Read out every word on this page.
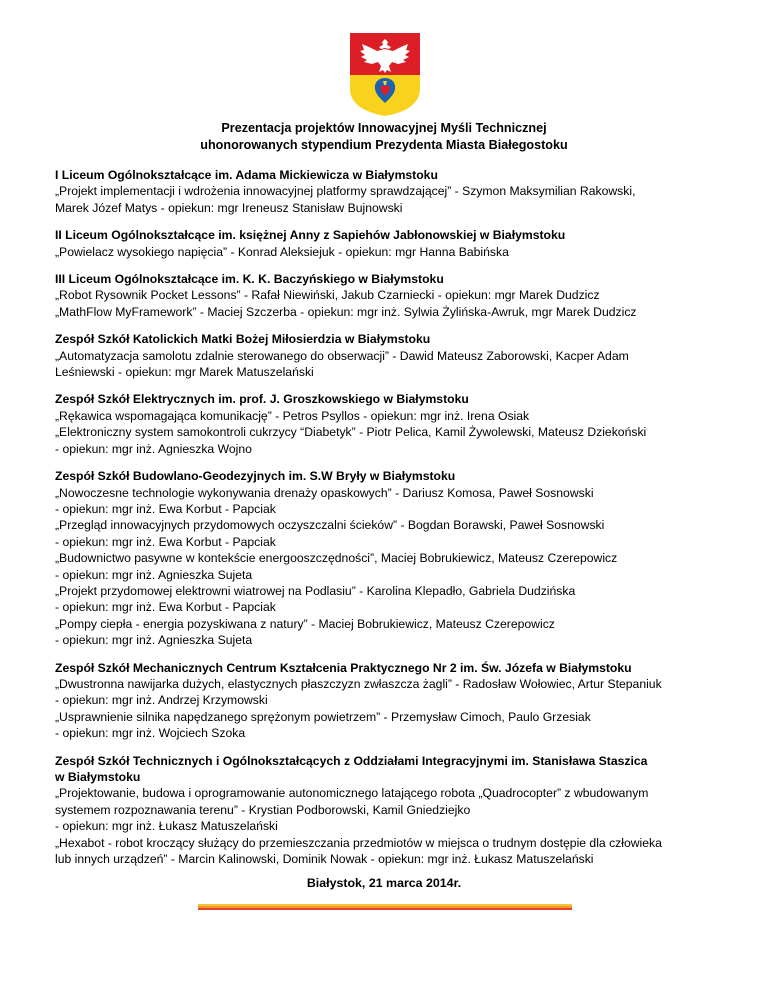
Prezentacja projektów Innowacyjnej Myśli Technicznej
uhonorowanych stypendium Prezydenta Miasta Białegostoku
I Liceum Ogólnokształcące im. Adama Mickiewicza w Białymstoku
„Projekt implementacji i wdrożenia innowacyjnej platformy sprawdzającej” - Szymon Maksymilian Rakowski,
Marek Józef Matys - opiekun: mgr Ireneusz Stanisław Bujnowski
II Liceum Ogólnokształcące im. księżnej Anny z Sapiehów Jabłonowskiej w Białymstoku
„Powielacz wysokiego napięcia” - Konrad Aleksiejuk - opiekun: mgr Hanna Babińska
III Liceum Ogólnokształcące im. K. K. Baczyńskiego w Białymstoku
„Robot Rysownik Pocket Lessons” - Rafał Niewiński, Jakub Czarniecki - opiekun: mgr Marek Dudzicz
„MathFlow MyFramework” - Maciej Szczerba - opiekun: mgr inż. Sylwia Żylińska-Awruk, mgr Marek Dudzicz
Zespół Szkół Katolickich Matki Bożej Miłosierdzia w Białymstoku
„Automatyzacja samolotu zdalnie sterowanego do obserwacji” - Dawid Mateusz Zaborowski, Kacper Adam
Leśniewski - opiekun: mgr Marek Matuszelański
Zespół Szkół Elektrycznych im. prof. J. Groszkowskiego w Białymstoku
„Rękawica wspomagająca komunikację” - Petros Psyllos - opiekun: mgr inż. Irena Osiak
„Elektroniczny system samokontroli cukrzycy “Diabetyk” - Piotr Pelica, Kamil Żywolewski, Mateusz Dziekoński
- opiekun: mgr inż. Agnieszka Wojno
Zespół Szkół Budowlano-Geodezyjnych im. S.W Bryły w Białymstoku
„Nowoczesne technologie wykonywania drenaży opaskowych” - Dariusz Komosa, Paweł Sosnowski
- opiekun: mgr inż. Ewa Korbut - Papciak
„Przegląd innowacyjnych przydomowych oczyszczalni ścieków” - Bogdan Borawski, Paweł Sosnowski
- opiekun: mgr inż. Ewa Korbut - Papciak
„Budownictwo pasywne w kontekście energooszczędności”, Maciej Bobrukiewicz, Mateusz Czerepowicz
- opiekun: mgr inż. Agnieszka Sujeta
„Projekt przydomowej elektrowni wiatrowej na Podlasiu” - Karolina Klepadło, Gabriela Dudzińska
- opiekun: mgr inż. Ewa Korbut - Papciak
„Pompy ciepła - energia pozyskiwana z natury” - Maciej Bobrukiewicz, Mateusz Czerepowicz
- opiekun: mgr inż. Agnieszka Sujeta
Zespół Szkół Mechanicznych Centrum Kształcenia Praktycznego Nr 2 im. Św. Józefa w Białymstoku
„Dwustronna nawijarka dużych, elastycznych płaszczyzn zwłaszcza żagli” - Radosław Wołowiec, Artur Stepaniuk
- opiekun: mgr inż. Andrzej Krzymowski
„Usprawnienie silnika napędzanego sprężonym powietrzem” - Przemysław Cimoch, Paulo Grzesiak
- opiekun: mgr inż. Wojciech Szoka
Zespół Szkół Technicznych i Ogólnokształcących z Oddziałami Integracyjnymi im. Stanisława Staszica w Białymstoku
„Projektowanie, budowa i oprogramowanie autonomicznego latającego robota „Quadrocopter” z wbudowanym
systemem rozpoznawania terenu” - Krystian Podborowski, Kamil Gniedziejko
- opiekun: mgr inż. Łukasz Matuszelański
„Hexabot - robot kroczący służący do przemieszczania przedmiotów w miejsca o trudnym dostępie dla człowieka
lub innych urządzeń” - Marcin Kalinowski, Dominik Nowak - opiekun: mgr inż. Łukasz Matuszelański
Białystok, 21 marca 2014r.
